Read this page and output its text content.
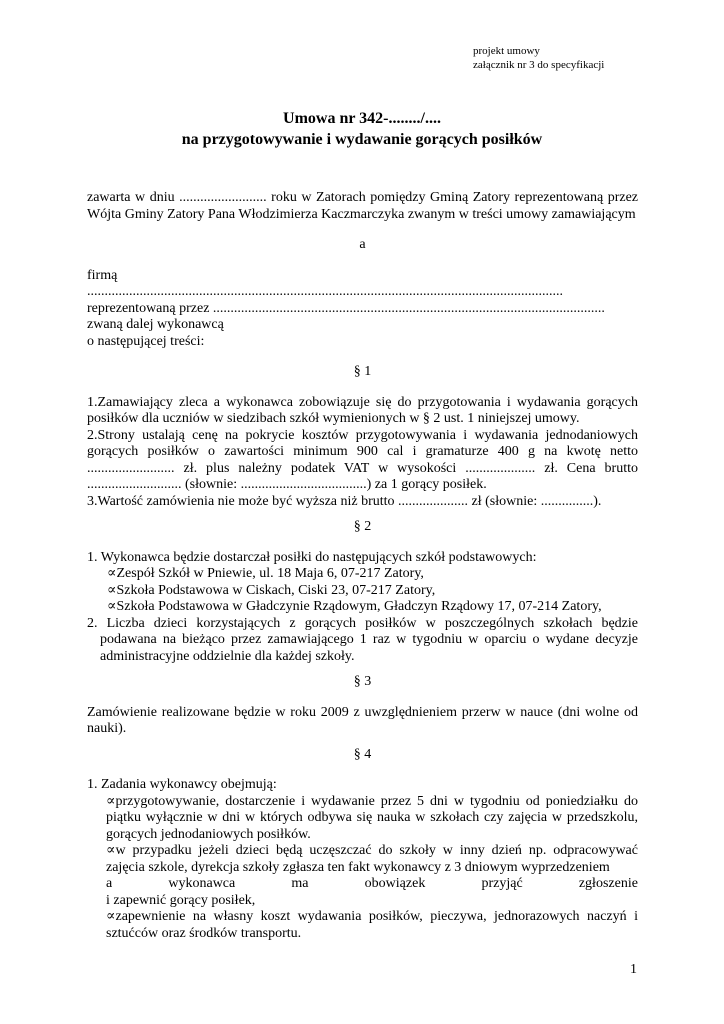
projekt umowy
załącznik nr 3 do specyfikacji
Umowa nr 342-......../....
na przygotowywanie i wydawanie gorących posiłków

zawarta w dniu ......................... roku w Zatorach pomiędzy Gminą Zatory reprezentowaną przez Wójta Gminy Zatory Pana Włodzimierza Kaczmarczyka zwanym w treści umowy zamawiającym

a

firmą

........................................................................................................................................

reprezentowaną przez ................................................................................................................

zwaną dalej wykonawcą

o następującej treści:

§ 1

1.Zamawiający zleca a wykonawca zobowiązuje się do przygotowania i wydawania gorących posiłków dla uczniów w siedzibach szkół wymienionych w § 2 ust. 1 niniejszej umowy.

2.Strony ustalają cenę na pokrycie kosztów przygotowywania i wydawania jednodaniowych gorących posiłków o zawartości minimum 900 cal i gramaturze 400 g na kwotę netto ......................... zł. plus należny podatek VAT w wysokości .................... zł. Cena brutto ........................... (słownie: ....................................) za 1 gorący posiłek.

3.Wartość zamówienia nie może być wyższa niż brutto .................... zł (słownie: ...............).

§ 2

1. Wykonawca będzie dostarczał posiłki do następujących szkół podstawowych:

∝Zespół Szkół w Pniewie, ul. 18 Maja 6, 07-217 Zatory,
∝Szkoła Podstawowa w Ciskach, Ciski 23, 07-217 Zatory,
∝Szkoła Podstawowa w Gładczynie Rządowym, Gładczyn Rządowy 17, 07-214 Zatory,

2. Liczba dzieci korzystających z gorących posiłków w poszczególnych szkołach będzie podawana na bieżąco przez zamawiającego 1 raz w tygodniu w oparciu o wydane decyzje administracyjne oddzielnie dla każdej szkoły.

§ 3

Zamówienie realizowane będzie w roku 2009 z uwzględnieniem przerw w nauce (dni wolne od nauki).

§ 4

1. Zadania wykonawcy obejmują:

∝przygotowywanie, dostarczenie i wydawanie przez 5 dni w tygodniu od poniedziałku do piątku wyłącznie w dni w których odbywa się nauka w szkołach czy zajęcia w przedszkolu, gorących jednodaniowych posiłków.

∝w przypadku jeżeli dzieci będą uczęszczać do szkoły w inny dzień np. odpracowywać zajęcia szkole, dyrekcja szkoły zgłasza ten fakt wykonawcy z 3 dniowym wyprzedzeniem

a	wykonawca	ma	obowiązek	przyjąć	zgłoszenie

i zapewnić gorący posiłek,

∝zapewnienie na własny koszt wydawania posiłków, pieczywa, jednorazowych naczyń i sztućców oraz środków transportu.

1
